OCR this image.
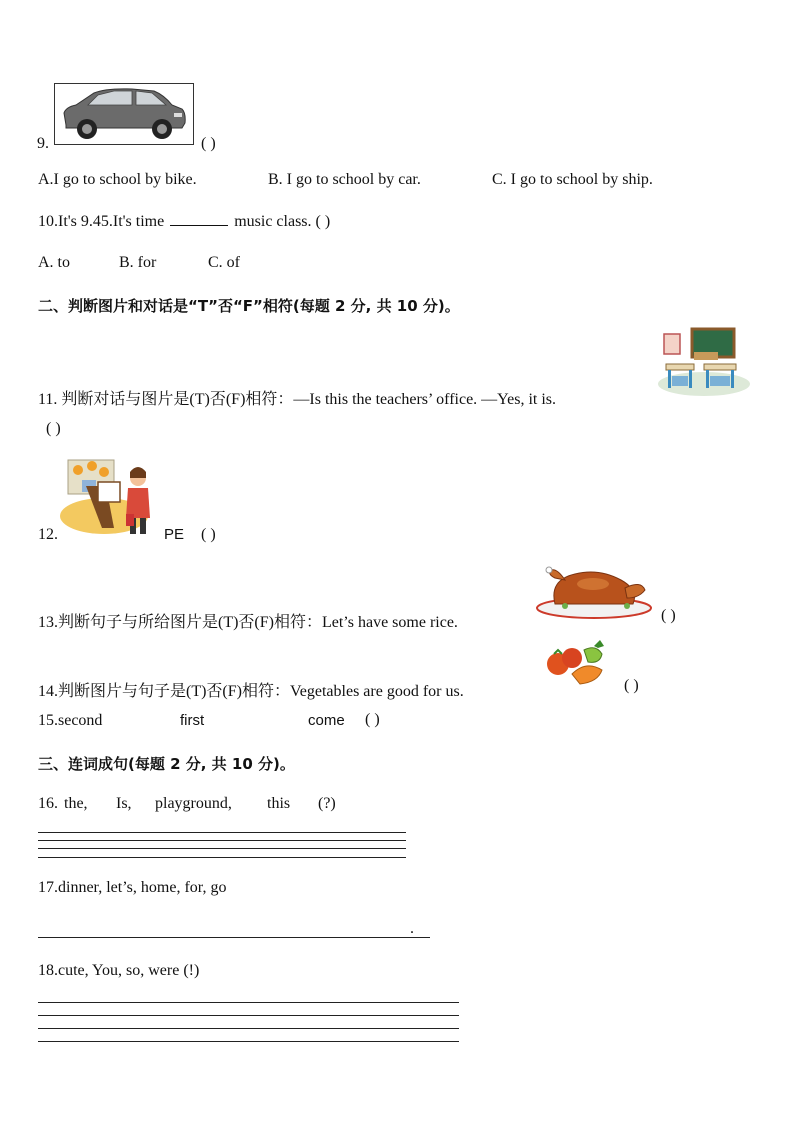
9.	( )
A.I go to school by bike.	B. I go to school by car.	C. I go to school by ship.
10.It's 9.45.It's time	music class. ( )
A. to	B. for	C. of
二、判断图片和对话是“T”否“F”相符(每题 2 分, 共 10 分)。
11. 判断对话与图片是(T)否(F)相符：—Is this the teachers’ office. —Yes, it is.
( )
12.	PE ( )
13.判断句子与所给图片是(T)否(F)相符：Let’s have some rice.	( )
14.判断图片与句子是(T)否(F)相符：Vegetables are good for us.	( )
15.second	first	come ( )
三、连词成句(每题 2 分, 共 10 分)。
16. the, Is, playground, this (?)
17.dinner, let’s, home, for, go
.
18.cute, You, so, were (!)
